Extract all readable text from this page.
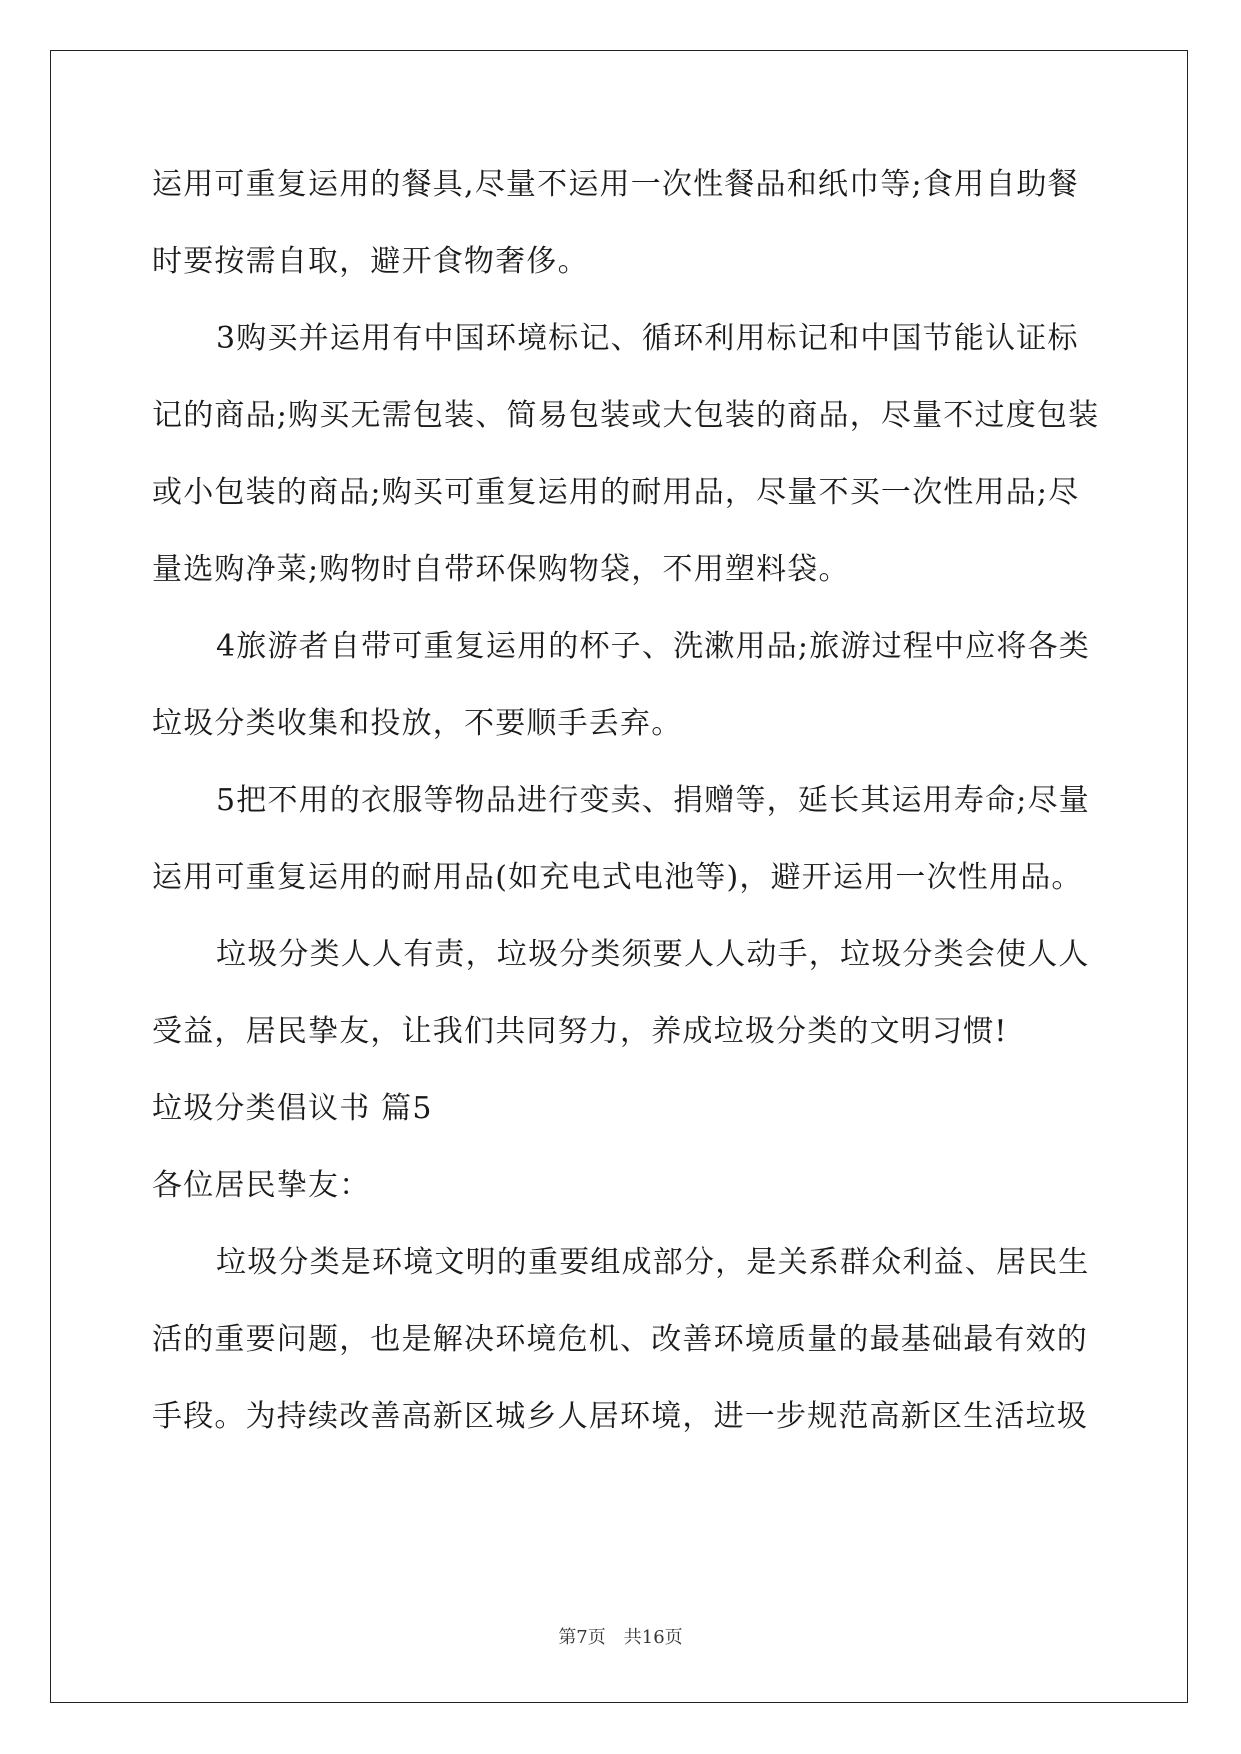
运用可重复运用的餐具,尽量不运用一次性餐品和纸巾等;食用自助餐
时要按需自取，避开食物奢侈。
3购买并运用有中国环境标记、循环利用标记和中国节能认证标
记的商品;购买无需包装、简易包装或大包装的商品，尽量不过度包装
或小包装的商品;购买可重复运用的耐用品，尽量不买一次性用品;尽
量选购净菜;购物时自带环保购物袋，不用塑料袋。
4旅游者自带可重复运用的杯子、洗漱用品;旅游过程中应将各类
垃圾分类收集和投放，不要顺手丢弃。
5把不用的衣服等物品进行变卖、捐赠等，延长其运用寿命;尽量
运用可重复运用的耐用品(如充电式电池等)，避开运用一次性用品。
垃圾分类人人有责，垃圾分类须要人人动手，垃圾分类会使人人
受益，居民挚友，让我们共同努力，养成垃圾分类的文明习惯!
垃圾分类倡议书 篇5
各位居民挚友：
垃圾分类是环境文明的重要组成部分，是关系群众利益、居民生
活的重要问题，也是解决环境危机、改善环境质量的最基础最有效的
手段。为持续改善高新区城乡人居环境，进一步规范高新区生活垃圾
第7页　共16页
